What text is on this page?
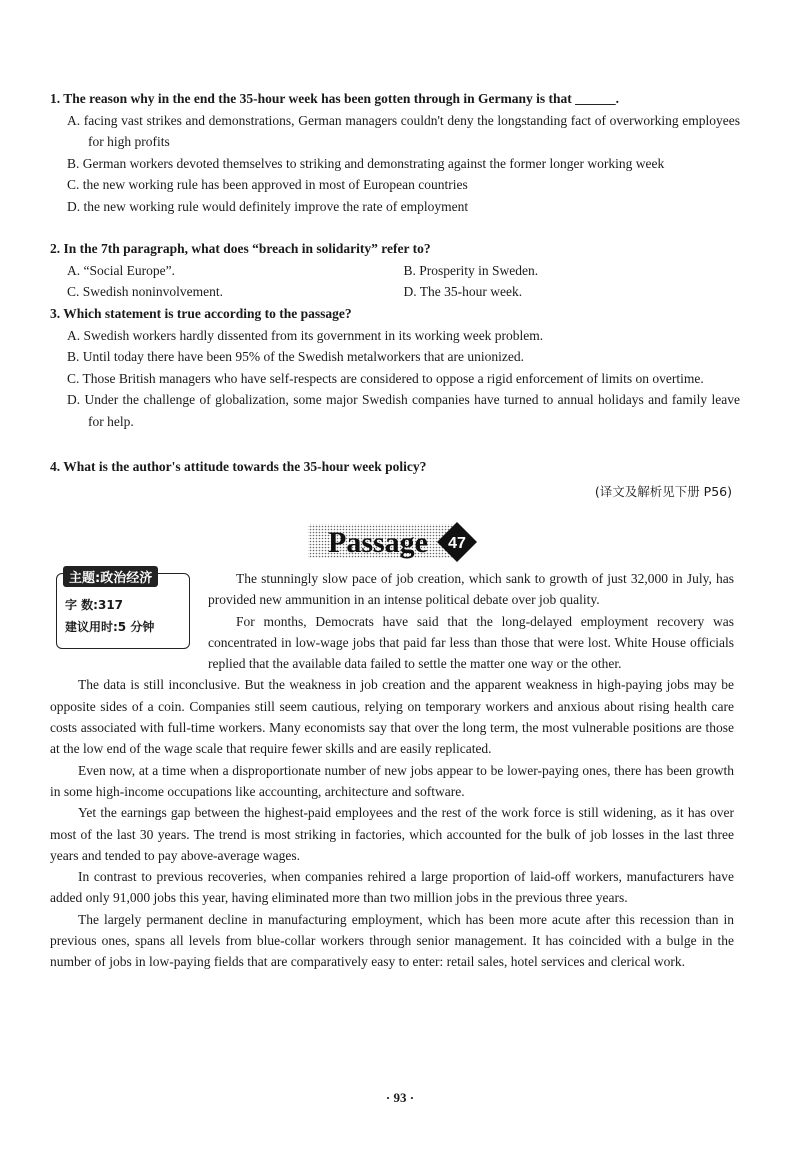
1. The reason why in the end the 35-hour week has been gotten through in Germany is that ______.
A. facing vast strikes and demonstrations, German managers couldn't deny the longstanding fact of overworking employees for high profits
B. German workers devoted themselves to striking and demonstrating against the former longer working week
C. the new working rule has been approved in most of European countries
D. the new working rule would definitely improve the rate of employment
2. In the 7th paragraph, what does “breach in solidarity” refer to?
A. “Social Europe”.	B. Prosperity in Sweden.
C. Swedish noninvolvement.	D. The 35-hour week.
3. Which statement is true according to the passage?
A. Swedish workers hardly dissented from its government in its working week problem.
B. Until today there have been 95% of the Swedish metalworkers that are unionized.
C. Those British managers who have self-respects are considered to oppose a rigid enforcement of limits on overtime.
D. Under the challenge of globalization, some major Swedish companies have turned to annual holidays and family leave for help.
4. What is the author's attitude towards the 35-hour week policy?
(译文及解析见下册 P56)
Passage 47
主题:政治经济
字 数:317
建议用时:5 分钟

The stunningly slow pace of job creation, which sank to growth of just 32,000 in July, has provided new ammunition in an intense political debate over job quality.

For months, Democrats have said that the long-delayed employment recovery was concentrated in low-wage jobs that paid far less than those that were lost. White House officials replied that the available data failed to settle the matter one way or the other.

The data is still inconclusive. But the weakness in job creation and the apparent weakness in high-paying jobs may be opposite sides of a coin. Companies still seem cautious, relying on temporary workers and anxious about rising health care costs associated with full-time workers. Many economists say that over the long term, the most vulnerable positions are those at the low end of the wage scale that require fewer skills and are easily replicated.

Even now, at a time when a disproportionate number of new jobs appear to be lower-paying ones, there has been growth in some high-income occupations like accounting, architecture and software.

Yet the earnings gap between the highest-paid employees and the rest of the work force is still widening, as it has over most of the last 30 years. The trend is most striking in factories, which accounted for the bulk of job losses in the last three years and tended to pay above-average wages.

In contrast to previous recoveries, when companies rehired a large proportion of laid-off workers, manufacturers have added only 91,000 jobs this year, having eliminated more than two million jobs in the previous three years.

The largely permanent decline in manufacturing employment, which has been more acute after this recession than in previous ones, spans all levels from blue-collar workers through senior management. It has coincided with a bulge in the number of jobs in low-paying fields that are comparatively easy to enter: retail sales, hotel services and clerical work.

· 93 ·
